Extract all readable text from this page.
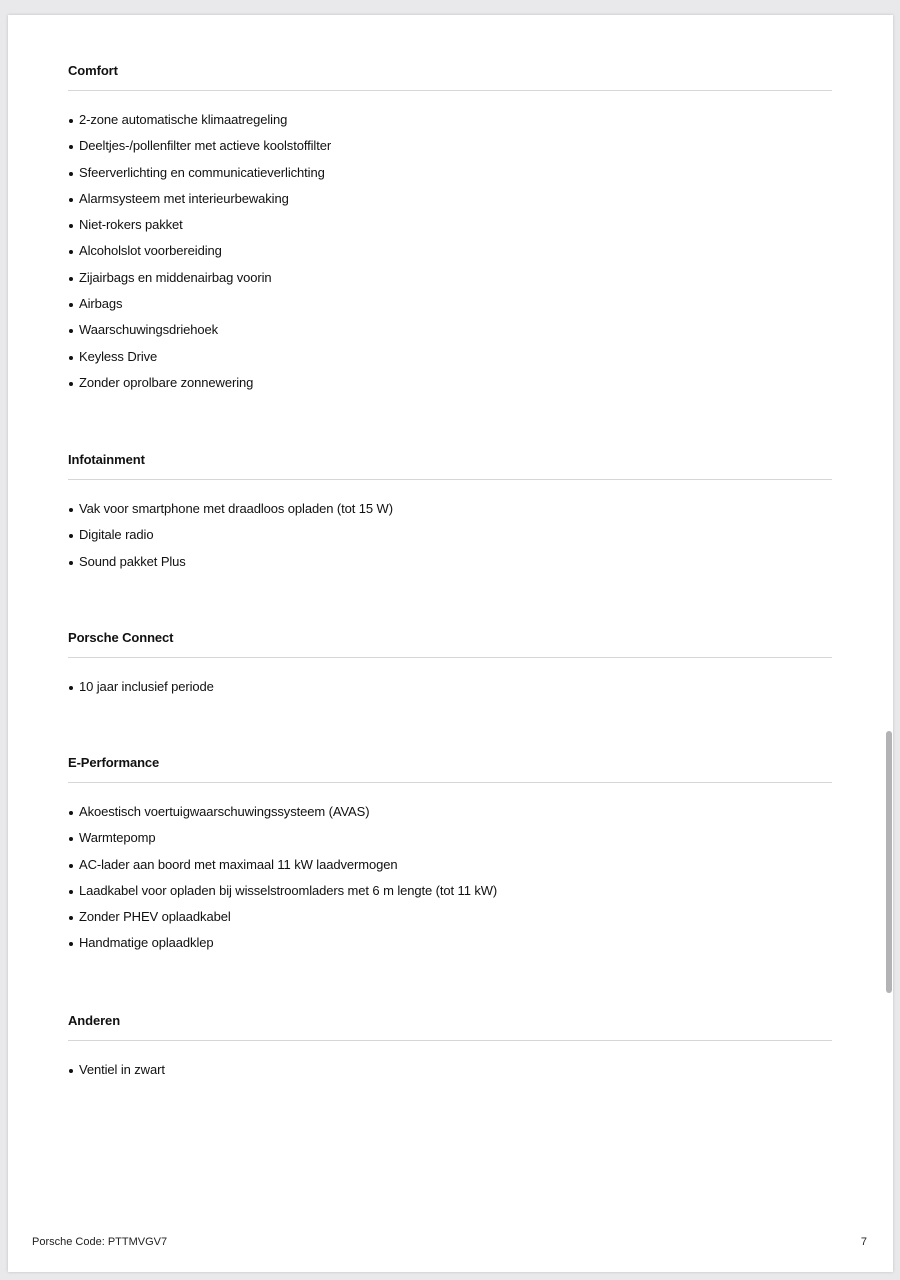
Comfort
2-zone automatische klimaatregeling
Deeltjes-/pollenfilter met actieve koolstoffilter
Sfeerverlichting en communicatieverlichting
Alarmsysteem met interieurbewaking
Niet-rokers pakket
Alcoholslot voorbereiding
Zijairbags en middenairbag voorin
Airbags
Waarschuwingsdriehoek
Keyless Drive
Zonder oprolbare zonnewering
Infotainment
Vak voor smartphone met draadloos opladen (tot 15 W)
Digitale radio
Sound pakket Plus
Porsche Connect
10 jaar inclusief periode
E-Performance
Akoestisch voertuigwaarschuwingssysteem (AVAS)
Warmtepomp
AC-lader aan boord met maximaal 11 kW laadvermogen
Laadkabel voor opladen bij wisselstroomladers met 6 m lengte (tot 11 kW)
Zonder PHEV oplaadkabel
Handmatige oplaadklep
Anderen
Ventiel in zwart
Porsche Code: PTTMVGV7	7
